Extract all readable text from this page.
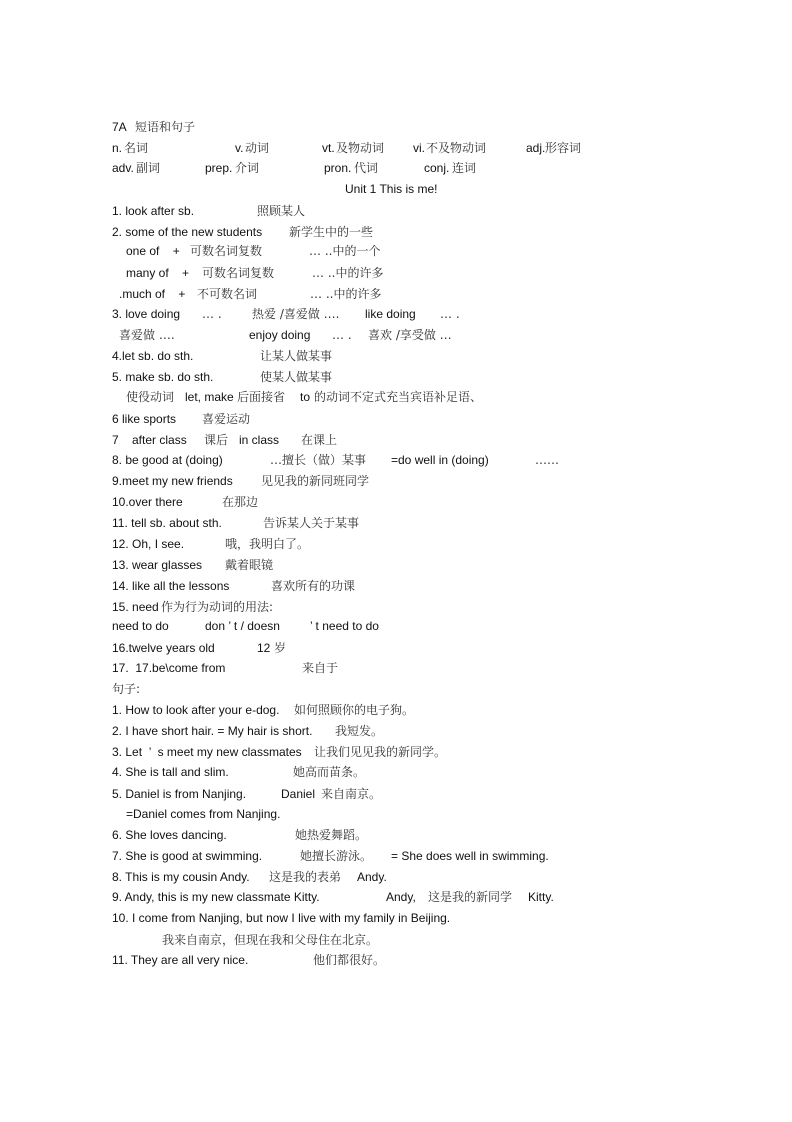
7A 短语和句子
n. 名词	v. 动词	vt. 及物动词 vi. 不及物动词	adj. 形容词
adv. 副词	prep. 介词	pron. 代词	conj. 连词
Unit 1 This is me!
1. look after sb.	照顾某人
2. some of the new students 新学生中的一些
one of    + 可数名词复数	… ..中的一个
many of    + 可数名词复数	… ..中的许多
.much of    + 不可数名词	… ..中的许多
3. love doing … .	热爱 /喜爱做 …. like doing … .
喜爱做 ….	enjoy doing … . 喜欢 /享受做 …
4.let sb. do sth.	让某人做某事
5. make sb. do sth.	使某人做某事
使役动词 let, make 后面接省 to 的动词不定式充当宾语补足语、
6 like sports 喜爱运动
7    after class 课后 in class 在课上
8. be good at (doing)	…擅长（做）某事 =do well in (doing)	……
9.meet my new friends 见见我的新同班同学
10.over there	在那边
11. tell sb. about sth.	告诉某人关于某事
12. Oh, I see.	哦，我明白了。
13. wear glasses 戴着眼镜
14. like all the lessons	喜欢所有的功课
15. need 作为行为动词的用法:
need to do	don ’ t / doesn	’ t need to do
16.twelve years old	12 岁
17.  17.be\come from	来自于
句子:
1. How to look after your e-dog. 如何照顾你的电子狗。
2. I have short hair. = My hair is short. 我短发。
3. Let  ’  s meet my new classmates 让我们见见我的新同学。
4. She is tall and slim.	她高而苗条。
5. Daniel is from Nanjing.	Daniel 来自南京。
=Daniel comes from Nanjing.
6. She loves dancing.	她热爱舞蹈。
7. She is good at swimming.	她擅长游泳。 = She does well in swimming.
8. This is my cousin Andy. 这是我的表弟 Andy.
9. Andy, this is my new classmate Kitty.	Andy, 这是我的新同学 Kitty.
10. I come from Nanjing, but now I live with my family in Beijing.
我来自南京，但现在我和父母住在北京。
11. They are all very nice.	他们都很好。
